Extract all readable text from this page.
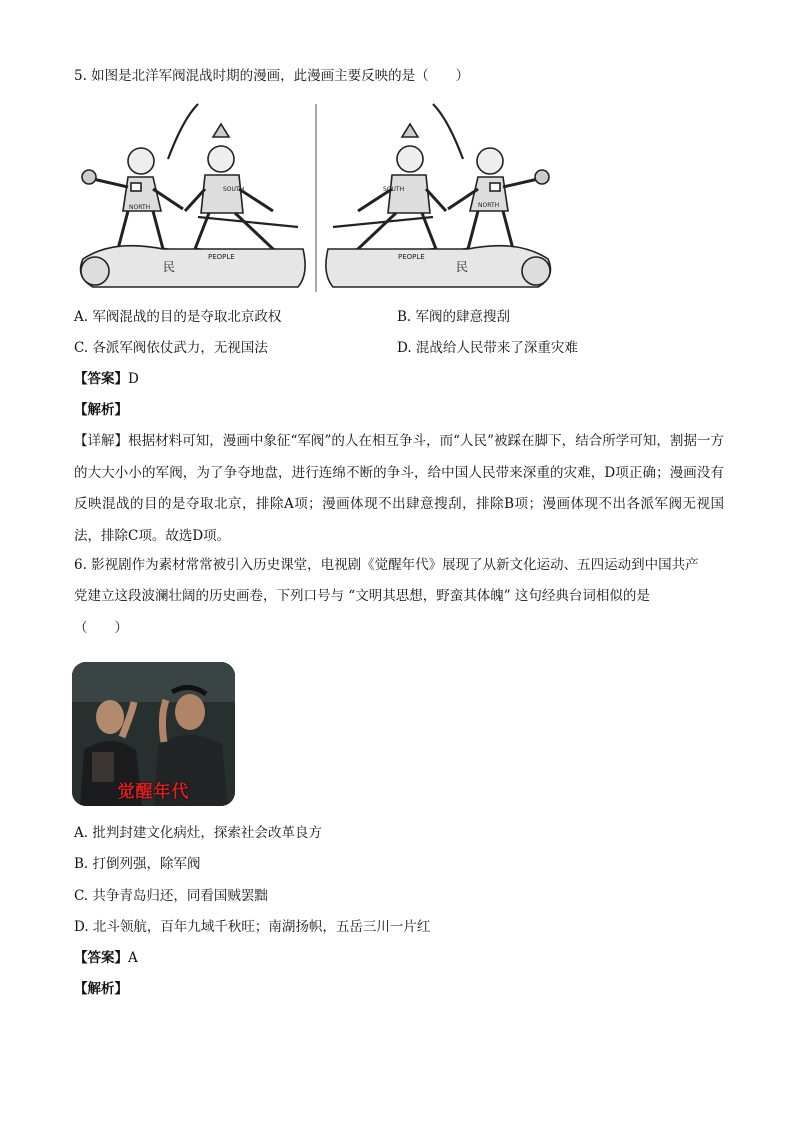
5. 如图是北洋军阀混战时期的漫画，此漫画主要反映的是（　　）
NORTH
SOUTH
PEOPLE
民
NORTH
SOUTH
PEOPLE
民
A. 军阀混战的目的是夺取北京政权	B. 军阀的肆意搜刮
C. 各派军阀依仗武力，无视国法	D. 混战给人民带来了深重灾难
【答案】D
【解析】
【详解】根据材料可知，漫画中象征“军阀”的人在相互争斗，而“人民”被踩在脚下，结合所学可知，割据一方的大大小小的军阀，为了争夺地盘，进行连绵不断的争斗，给中国人民带来深重的灾难，D项正确；漫画没有反映混战的目的是夺取北京，排除A项；漫画体现不出肆意搜刮，排除B项；漫画体现不出各派军阀无视国法，排除C项。故选D项。
6. 影视剧作为素材常常被引入历史课堂，电视剧《觉醒年代》展现了从新文化运动、五四运动到中国共产
党建立这段波澜壮阔的历史画卷，下列口号与 “文明其思想，野蛮其体魄” 这句经典台词相似的是
（　　）
觉醒年代
A. 批判封建文化病灶，探索社会改革良方
B. 打倒列强，除军阀
C. 共争青岛归还，同看国贼罢黜
D. 北斗领航，百年九域千秋旺；南湖扬帜，五岳三川一片红
【答案】A
【解析】
